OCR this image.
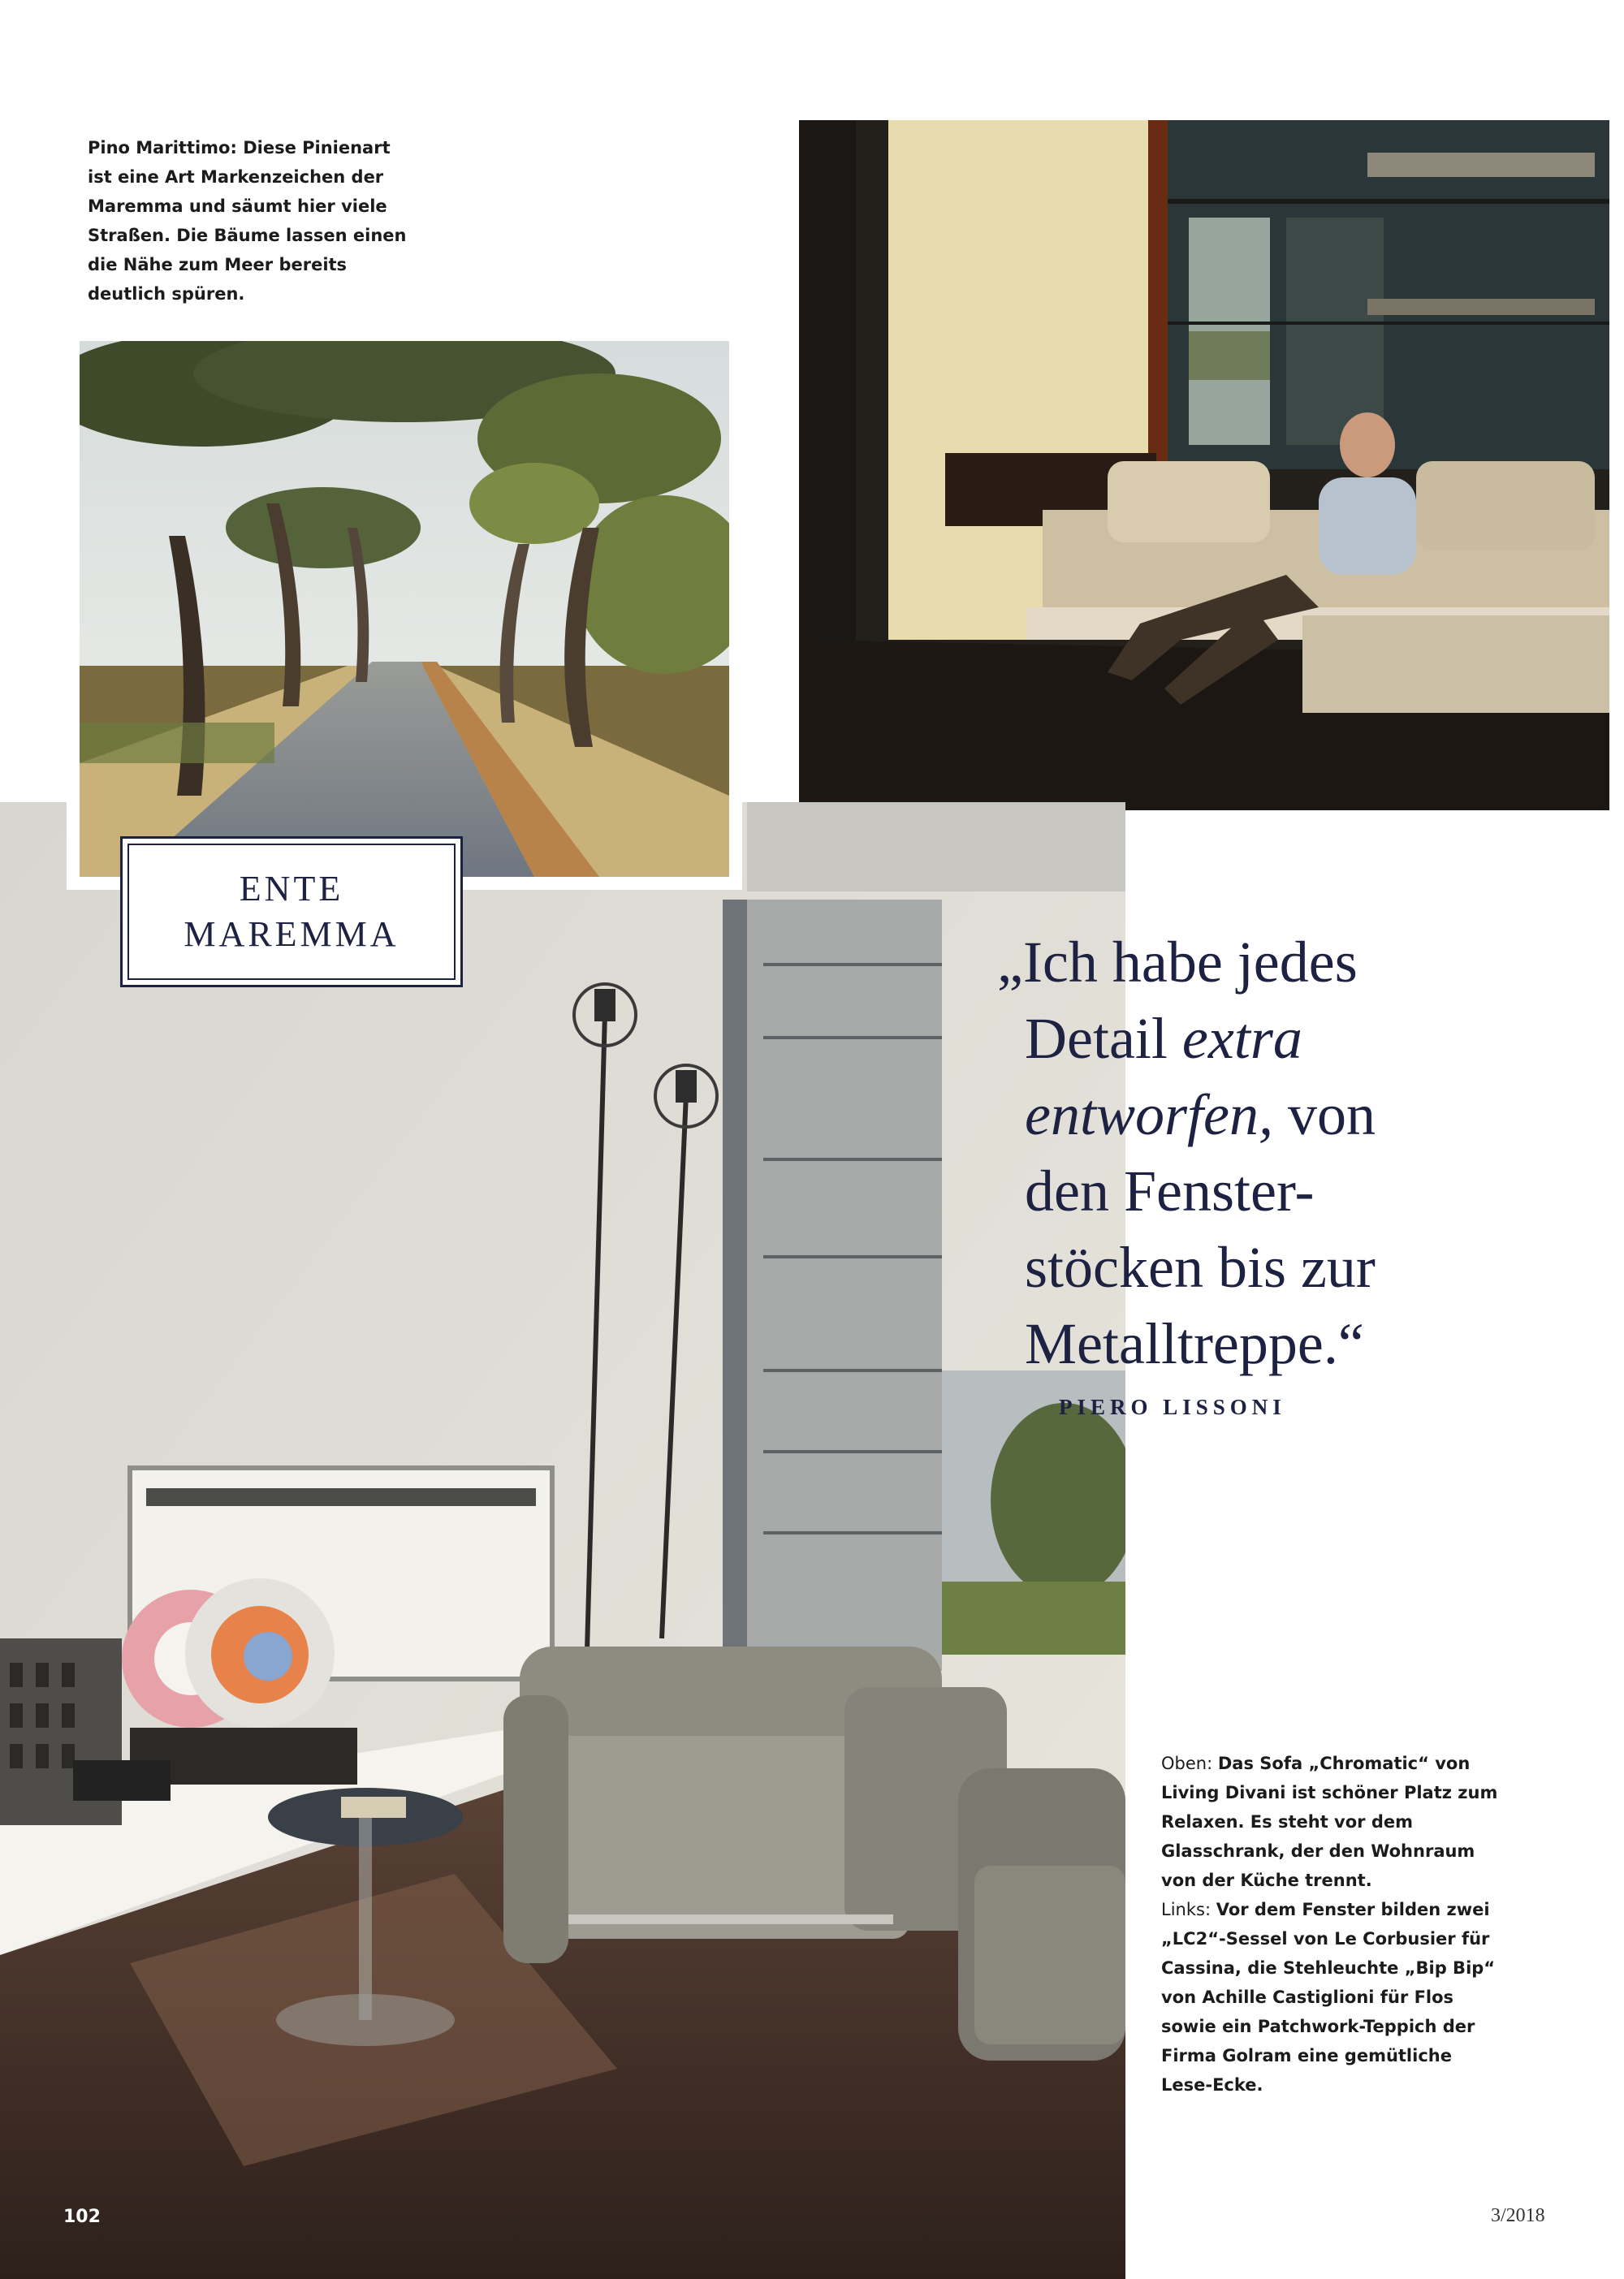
Pino Marittimo: Diese Pinienart ist eine Art Markenzeichen der Maremma und säumt hier viele Straßen. Die Bäume lassen einen die Nähe zum Meer bereits deutlich spüren.
ENTE
MAREMMA	„Ich habe jedes
Detail extra
entworfen, von
den Fenster-
stöcken bis zur
Metalltreppe.“
PIERO LISSONI
Oben: Das Sofa „Chromatic“ von Living Divani ist schöner Platz zum Relaxen. Es steht vor dem Glasschrank, der den Wohnraum von der Küche trennt.
Links: Vor dem Fenster bilden zwei „LC2“-Sessel von Le Corbusier für Cassina, die Stehleuchte „Bip Bip“ von Achille Castiglioni für Flos sowie ein Patchwork-Teppich der Firma Golram eine gemütliche Lese-Ecke.
102	3/2018
